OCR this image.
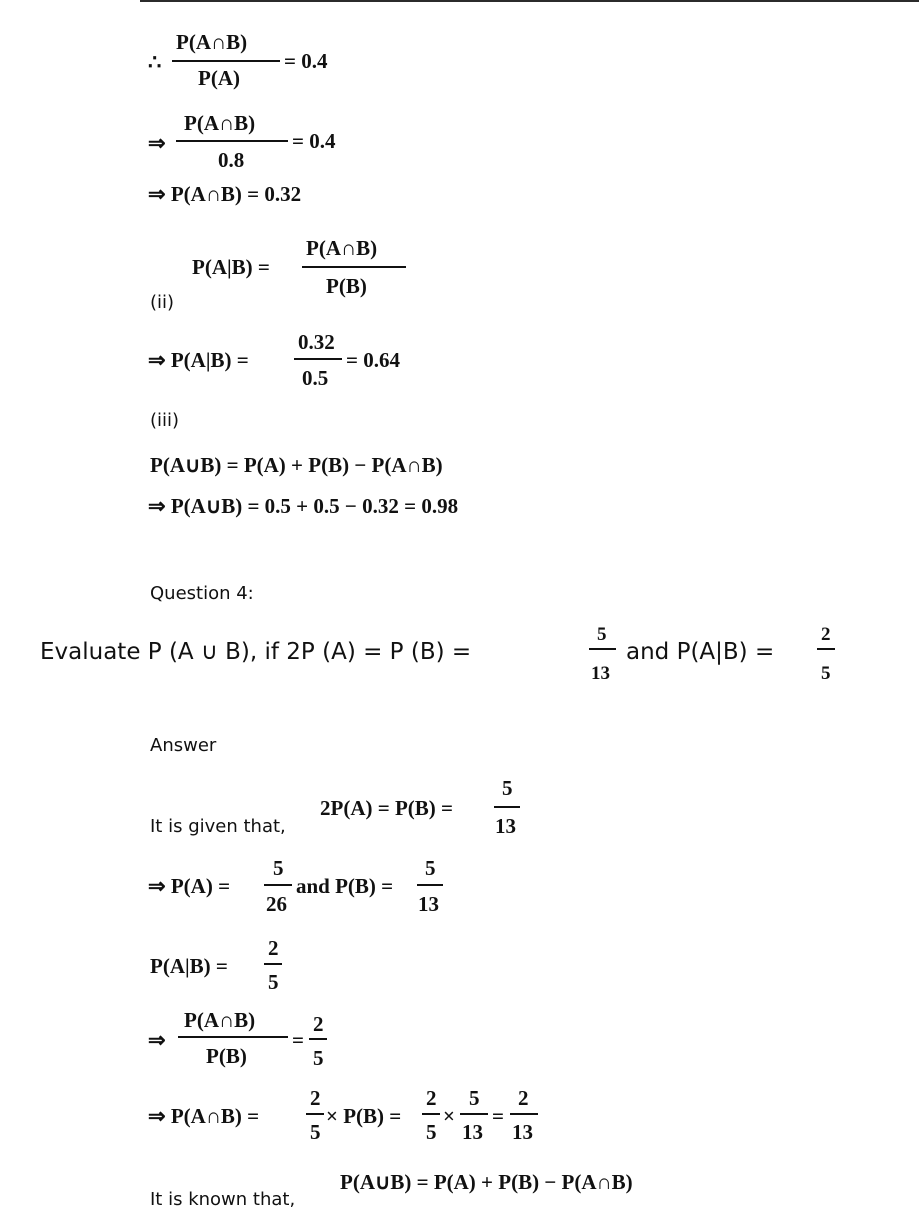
∴
P(A∩B)
P(A)
= 0.4
⇒
P(A∩B)
0.8
= 0.4
⇒ P(A∩B) = 0.32
P(A|B) =
P(A∩B)
P(B)
(ii)
⇒ P(A|B) =
0.32
0.5
= 0.64
(iii)
P(A∪B) = P(A) + P(B) − P(A∩B)
⇒ P(A∪B) = 0.5 + 0.5 − 0.32 = 0.98
Question 4:
Evaluate P (A ∪ B), if 2P (A) = P (B) =
5
13
and P(A|B) =
2
5
Answer
It is given that,
2P(A) = P(B) =
5
13
⇒ P(A) =
5
26
and P(B) =
5
13
P(A|B) =
2
5
⇒
P(A∩B)
P(B)
=
2
5
⇒ P(A∩B) =
2
5
× P(B) =
2
5
×
5
13
=
2
13
It is known that,
P(A∪B) = P(A) + P(B) − P(A∩B)
